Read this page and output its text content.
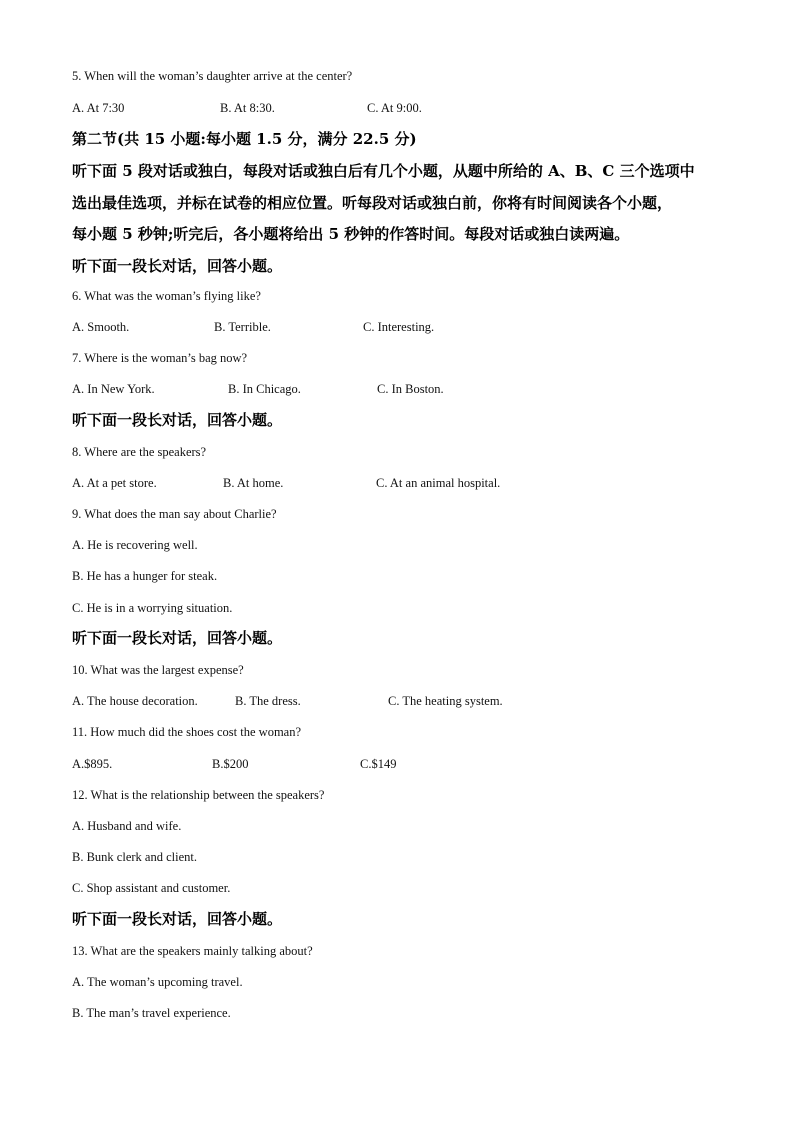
5. When will the woman’s daughter arrive at the center?
A. At 7:30	B. At 8:30.	C. At 9:00.
第二节(共 15 小题:每小题 1.5 分，满分 22.5 分)
听下面 5 段对话或独白，每段对话或独白后有几个小题，从题中所给的 A、B、C 三个选项中
选出最佳选项，并标在试卷的相应位置。听每段对话或独白前，你将有时间阅读各个小题，
每小题 5 秒钟;听完后，各小题将给出 5 秒钟的作答时间。每段对话或独白读两遍。
听下面一段长对话，回答小题。
6. What was the woman’s flying like?
A. Smooth.	B. Terrible.	C. Interesting.
7. Where is the woman’s bag now?
A. In New York.	B. In Chicago.	C. In Boston.
听下面一段长对话，回答小题。
8. Where are the speakers?
A. At a pet store.	B. At home.	C. At an animal hospital.
9. What does the man say about Charlie?
A. He is recovering well.
B. He has a hunger for steak.
C. He is in a worrying situation.
听下面一段长对话，回答小题。
10. What was the largest expense?
A. The house decoration.	B. The dress.	C. The heating system.
11. How much did the shoes cost the woman?
A.$895.	B.$200	C.$149
12. What is the relationship between the speakers?
A. Husband and wife.
B. Bunk clerk and client.
C. Shop assistant and customer.
听下面一段长对话，回答小题。
13. What are the speakers mainly talking about?
A. The woman’s upcoming travel.
B. The man’s travel experience.
